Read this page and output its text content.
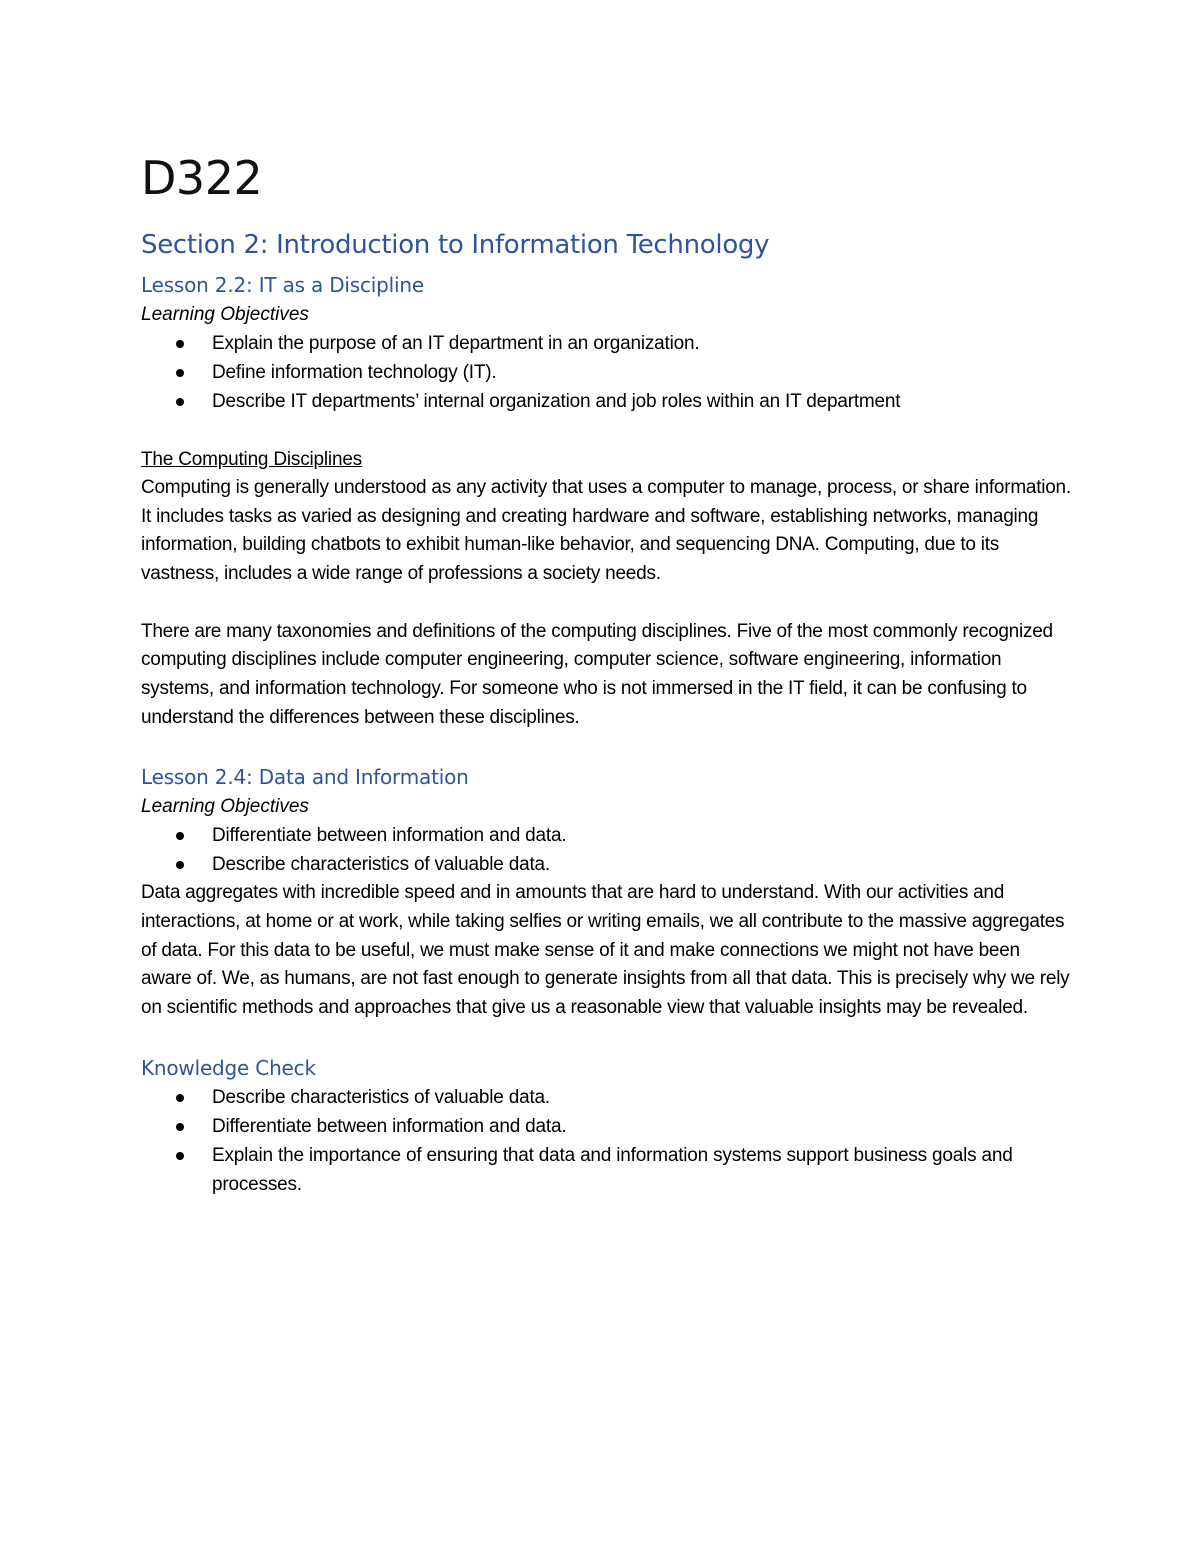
D322
Section 2: Introduction to Information Technology
Lesson 2.2: IT as a Discipline

Learning Objectives

Explain the purpose of an IT department in an organization.
Define information technology (IT).
Describe IT departments’ internal organization and job roles within an IT department

The Computing Disciplines

Computing is generally understood as any activity that uses a computer to manage, process, or share information. It includes tasks as varied as designing and creating hardware and software, establishing networks, managing information, building chatbots to exhibit human-like behavior, and sequencing DNA. Computing, due to its vastness, includes a wide range of professions a society needs.

There are many taxonomies and definitions of the computing disciplines. Five of the most commonly recognized computing disciplines include computer engineering, computer science, software engineering, information systems, and information technology. For someone who is not immersed in the IT field, it can be confusing to understand the differences between these disciplines.

Lesson 2.4: Data and Information

Learning Objectives

Differentiate between information and data.
Describe characteristics of valuable data.

Data aggregates with incredible speed and in amounts that are hard to understand. With our activities and interactions, at home or at work, while taking selfies or writing emails, we all contribute to the massive aggregates of data. For this data to be useful, we must make sense of it and make connections we might not have been aware of. We, as humans, are not fast enough to generate insights from all that data. This is precisely why we rely on scientific methods and approaches that give us a reasonable view that valuable insights may be revealed.

Knowledge Check
Describe characteristics of valuable data.
Differentiate between information and data.
Explain the importance of ensuring that data and information systems support business goals and processes.
